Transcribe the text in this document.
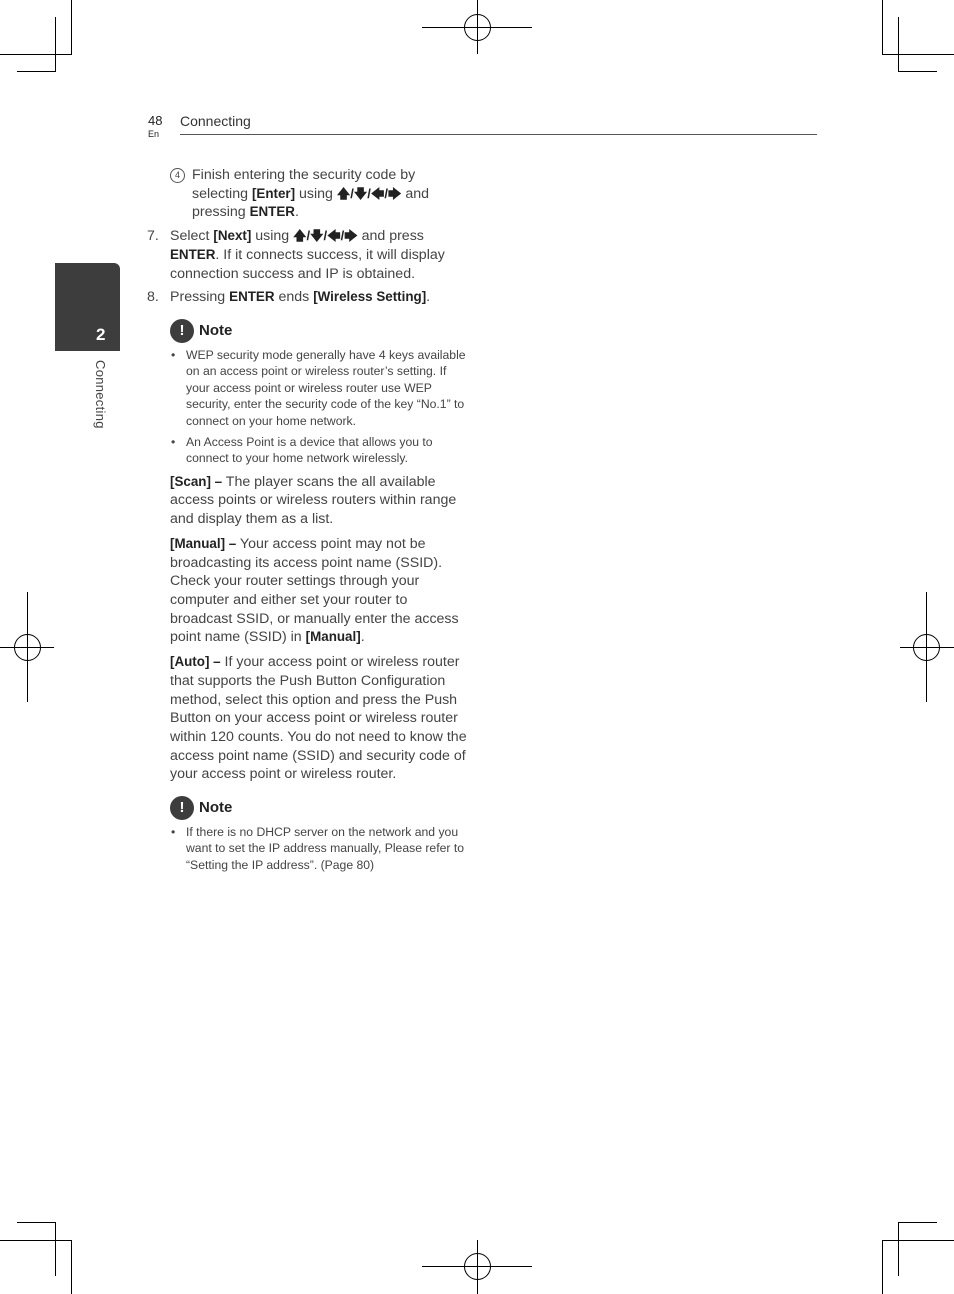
48
En
Connecting
2
Connecting

4 Finish entering the security code by selecting [Enter] using 🡅/🡇/🡄/🡆 and pressing ENTER.

7. Select [Next] using 🡅/🡇/🡄/🡆 and press ENTER. If it connects success, it will display connection success and IP is obtained.

8. Pressing ENTER ends [Wireless Setting].

! Note
• WEP security mode generally have 4 keys available on an access point or wireless router’s setting. If your access point or wireless router use WEP security, enter the security code of the key “No.1” to connect on your home network.
• An Access Point is a device that allows you to connect to your home network wirelessly.

[Scan] – The player scans the all available access points or wireless routers within range and display them as a list.

[Manual] – Your access point may not be broadcasting its access point name (SSID). Check your router settings through your computer and either set your router to broadcast SSID, or manually enter the access point name (SSID) in [Manual].

[Auto] – If your access point or wireless router that supports the Push Button Configuration method, select this option and press the Push Button on your access point or wireless router within 120 counts. You do not need to know the access point name (SSID) and security code of your access point or wireless router.

! Note
• If there is no DHCP server on the network and you want to set the IP address manually, Please refer to “Setting the IP address”. (Page 80)
